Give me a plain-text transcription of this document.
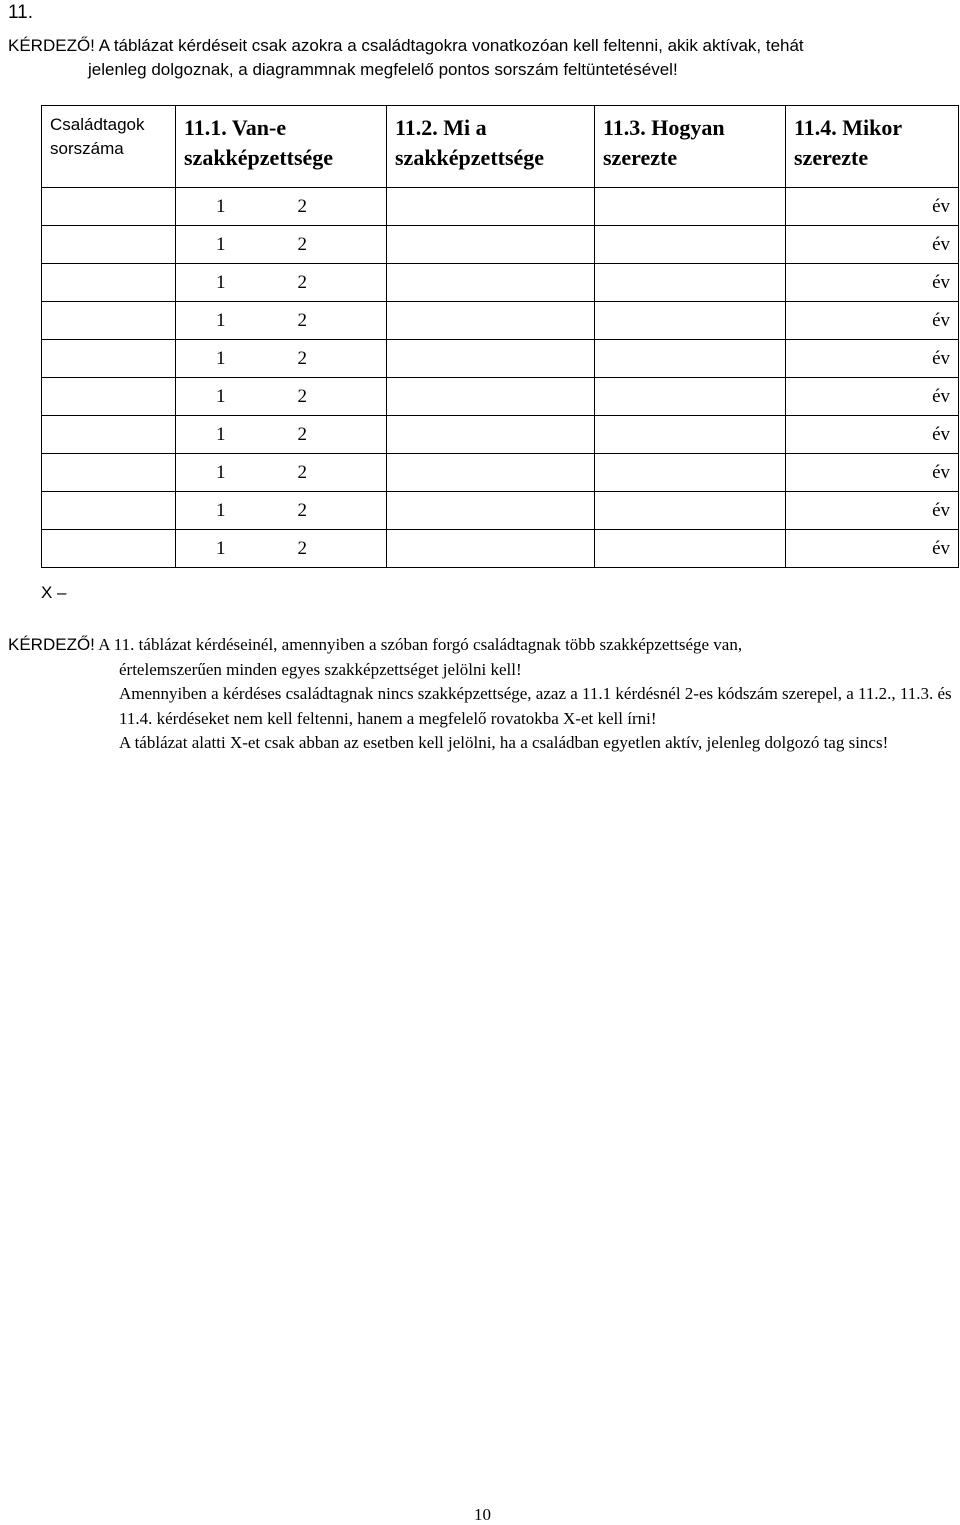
11.
KÉRDEZŐ! A táblázat kérdéseit csak azokra a családtagokra vonatkozóan kell feltenni, akik aktívak, tehát
jelenleg dolgoznak, a diagrammnak megfelelő pontos sorszám feltüntetésével!
Családtagok sorszáma	11.1. Van-e szakképzettsége	11.2. Mi a szakképzettsége	11.3. Hogyan szerezte	11.4. Mikor szerezte
	1 2			év
	1 2			év
	1 2			év
	1 2			év
	1 2			év
	1 2			év
	1 2			év
	1 2			év
	1 2			év
	1 2			év
X –

KÉRDEZŐ! A 11. táblázat kérdéseinél, amennyiben a szóban forgó családtagnak több szakképzettsége van,

értelemszerűen minden egyes szakképzettséget jelölni kell!

Amennyiben a kérdéses családtagnak nincs szakképzettsége, azaz a 11.1 kérdésnél 2-es kódszám szerepel, a 11.2., 11.3. és 11.4. kérdéseket nem kell feltenni, hanem a megfelelő rovatokba X-et kell írni!

A táblázat alatti X-et csak abban az esetben kell jelölni, ha a családban egyetlen aktív, jelenleg dolgozó tag sincs!

10
